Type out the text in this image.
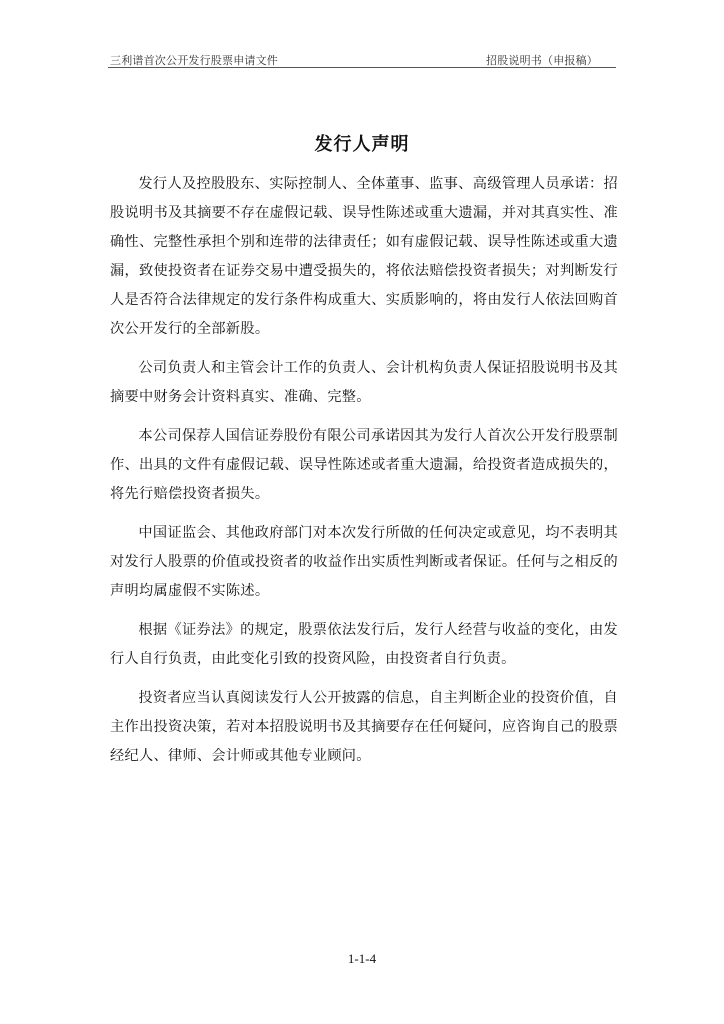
三利谱首次公开发行股票申请文件	招股说明书（申报稿）
发行人声明

发行人及控股股东、实际控制人、全体董事、监事、高级管理人员承诺：招股说明书及其摘要不存在虚假记载、误导性陈述或重大遗漏，并对其真实性、准确性、完整性承担个别和连带的法律责任；如有虚假记载、误导性陈述或重大遗漏，致使投资者在证券交易中遭受损失的，将依法赔偿投资者损失；对判断发行人是否符合法律规定的发行条件构成重大、实质影响的，将由发行人依法回购首次公开发行的全部新股。

公司负责人和主管会计工作的负责人、会计机构负责人保证招股说明书及其摘要中财务会计资料真实、准确、完整。

本公司保荐人国信证券股份有限公司承诺因其为发行人首次公开发行股票制作、出具的文件有虚假记载、误导性陈述或者重大遗漏，给投资者造成损失的，将先行赔偿投资者损失。

中国证监会、其他政府部门对本次发行所做的任何决定或意见，均不表明其对发行人股票的价值或投资者的收益作出实质性判断或者保证。任何与之相反的声明均属虚假不实陈述。

根据《证券法》的规定，股票依法发行后，发行人经营与收益的变化，由发行人自行负责，由此变化引致的投资风险，由投资者自行负责。

投资者应当认真阅读发行人公开披露的信息，自主判断企业的投资价值，自主作出投资决策，若对本招股说明书及其摘要存在任何疑问，应咨询自己的股票经纪人、律师、会计师或其他专业顾问。

1-1-4
